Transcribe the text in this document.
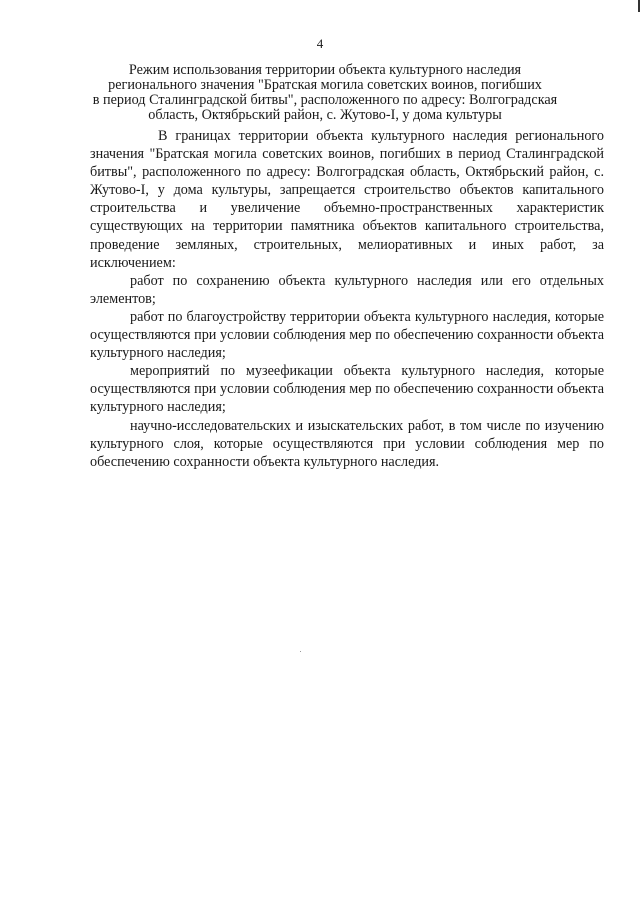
4
Режим использования территории объекта культурного наследия
регионального значения "Братская могила советских воинов, погибших
в период Сталинградской битвы", расположенного по адресу: Волгоградская
область, Октябрьский район, с. Жутово-I, у дома культуры

В границах территории объекта культурного наследия регионального значения "Братская могила советских воинов, погибших в период Сталинградской битвы", расположенного по адресу: Волгоградская область, Октябрьский район, с. Жутово-I, у дома культуры, запрещается строительство объектов капитального строительства и увеличение объемно-пространственных характеристик существующих на территории памятника объектов капитального строительства, проведение земляных, строительных, мелиоративных и иных работ, за исключением:

работ по сохранению объекта культурного наследия или его отдельных элементов;

работ по благоустройству территории объекта культурного наследия, которые осуществляются при условии соблюдения мер по обеспечению сохранности объекта культурного наследия;

мероприятий по музеефикации объекта культурного наследия, которые осуществляются при условии соблюдения мер по обеспечению сохранности объекта культурного наследия;

научно-исследовательских и изыскательских работ, в том числе по изучению культурного слоя, которые осуществляются при условии соблюдения мер по обеспечению сохранности объекта культурного наследия.
